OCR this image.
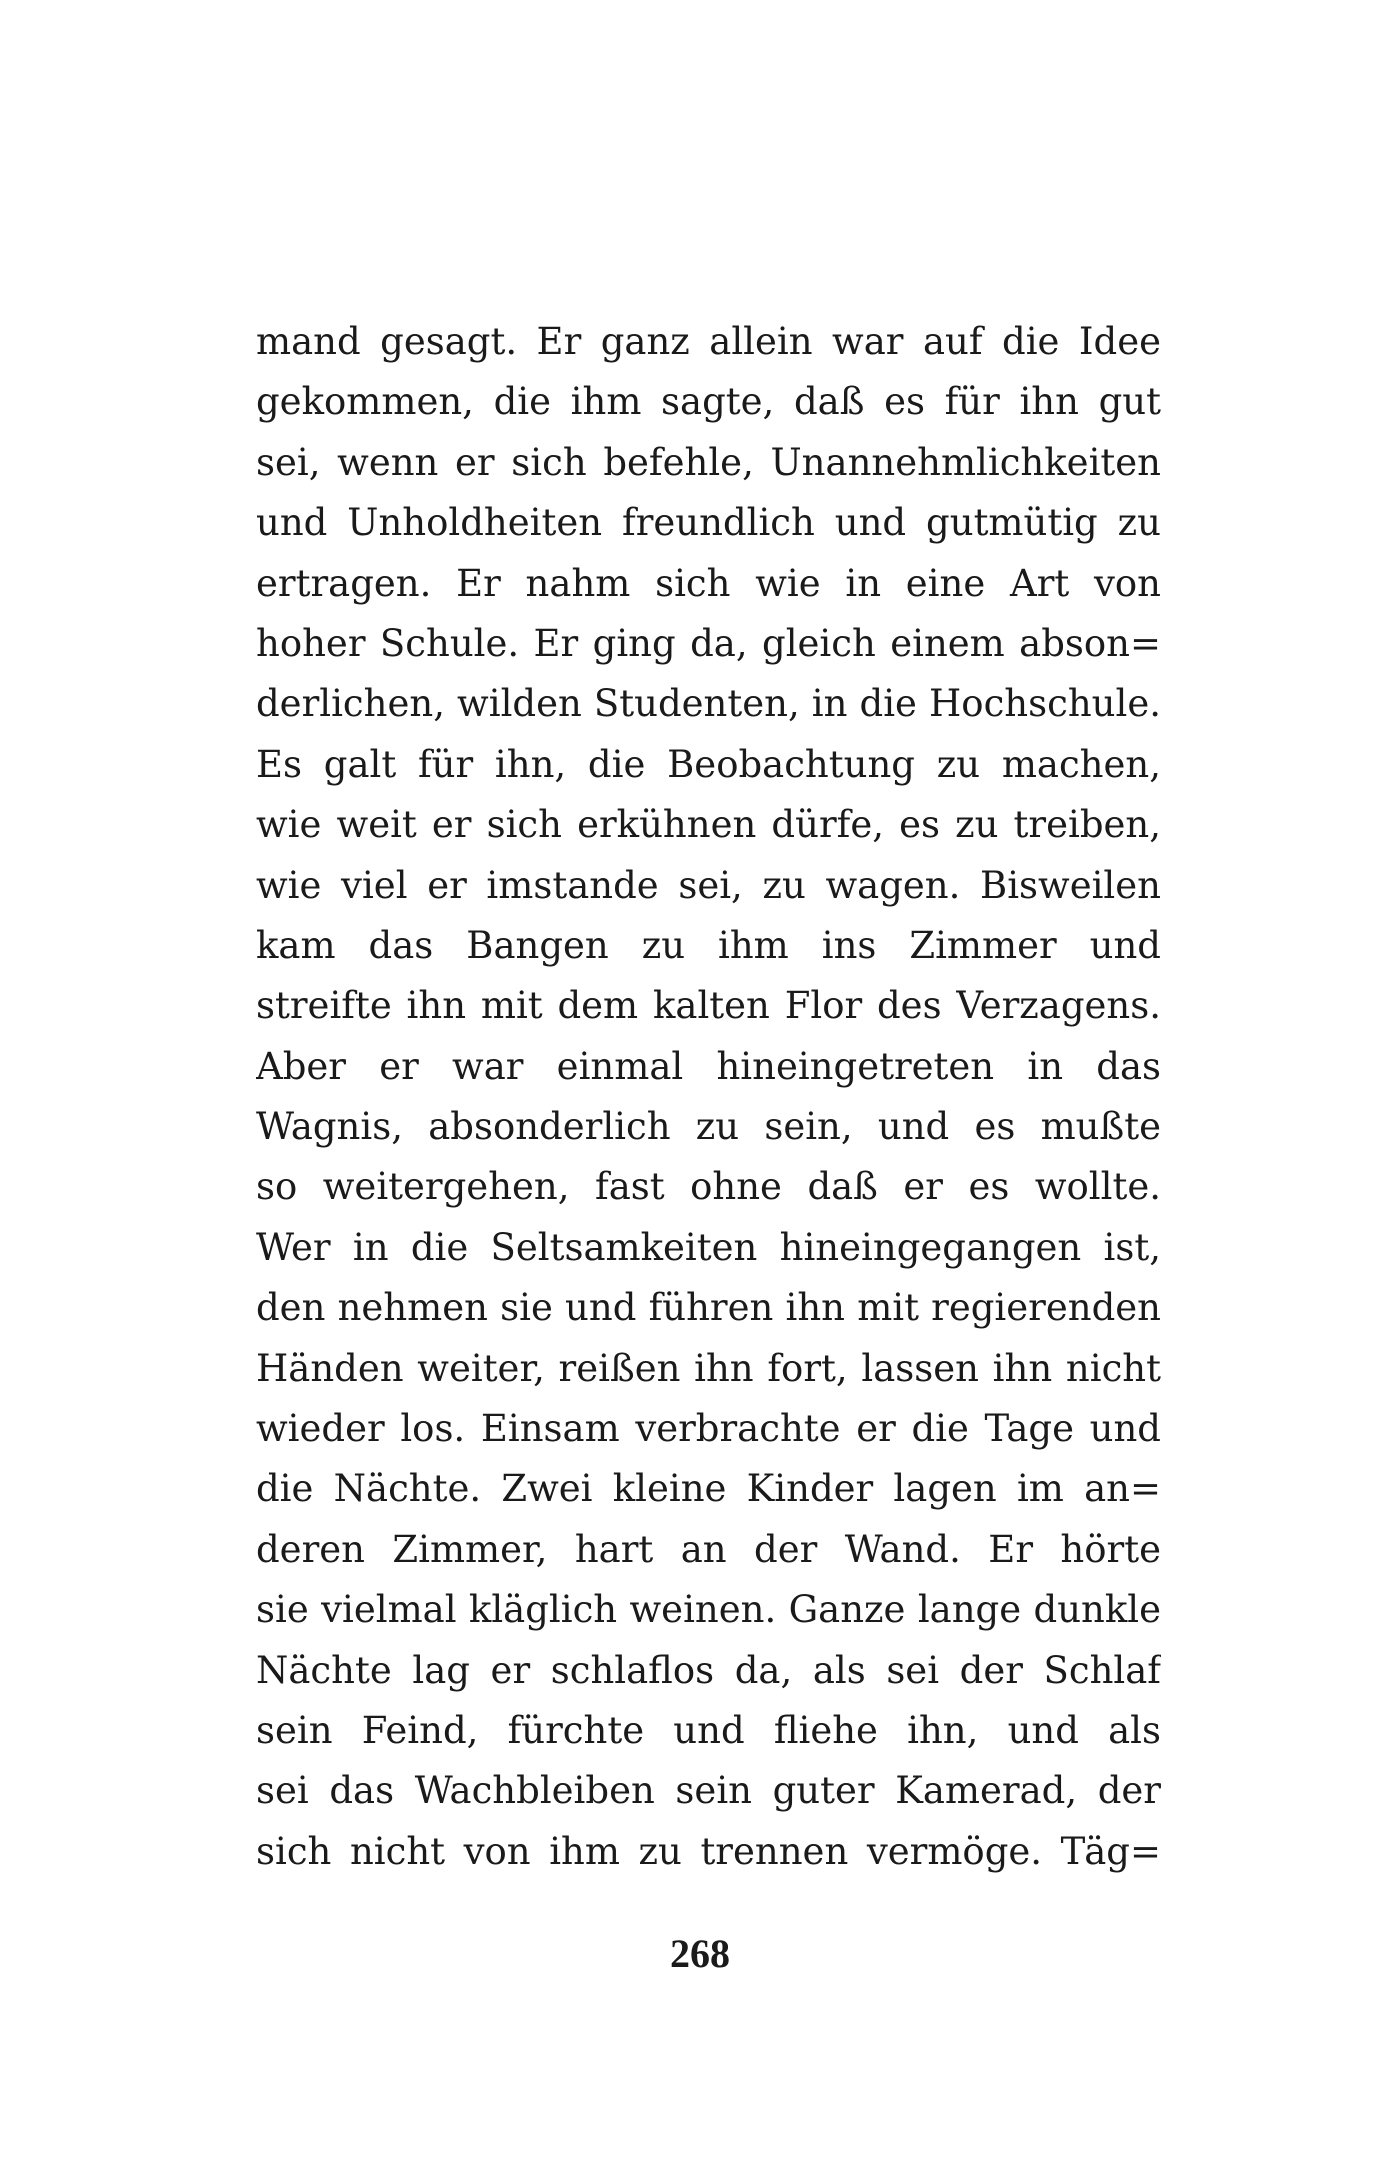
mand gesagt. Er ganz allein war auf die Idee
gekommen, die ihm sagte, daß es für ihn gut
sei, wenn er sich befehle, Unannehmlichkeiten
und Unholdheiten freundlich und gutmütig zu
ertragen. Er nahm sich wie in eine Art von
hoher Schule. Er ging da, gleich einem abson=
derlichen, wilden Studenten, in die Hochschule.
Es galt für ihn, die Beobachtung zu machen,
wie weit er sich erkühnen dürfe, es zu treiben,
wie viel er imstande sei, zu wagen. Bisweilen
kam das Bangen zu ihm ins Zimmer und
streifte ihn mit dem kalten Flor des Verzagens.
Aber er war einmal hineingetreten in das
Wagnis, absonderlich zu sein, und es mußte
so weitergehen, fast ohne daß er es wollte.
Wer in die Seltsamkeiten hineingegangen ist,
den nehmen sie und führen ihn mit regierenden
Händen weiter, reißen ihn fort, lassen ihn nicht
wieder los. Einsam verbrachte er die Tage und
die Nächte. Zwei kleine Kinder lagen im an=
deren Zimmer, hart an der Wand. Er hörte
sie vielmal kläglich weinen. Ganze lange dunkle
Nächte lag er schlaflos da, als sei der Schlaf
sein Feind, fürchte und fliehe ihn, und als
sei das Wachbleiben sein guter Kamerad, der
sich nicht von ihm zu trennen vermöge. Täg=
268
